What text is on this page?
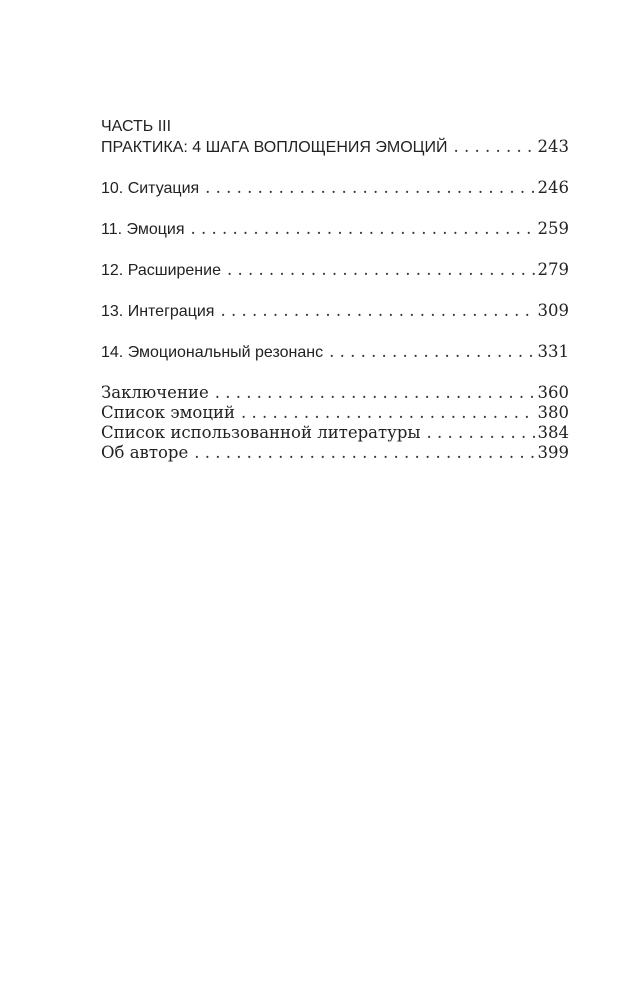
ЧАСТЬ III
ПРАКТИКА: 4 ШАГА ВОПЛОЩЕНИЯ ЭМОЦИЙ . . .	243
10. Ситуация . . .	246
11. Эмоция . . .	259
12. Расширение . . .	279
13. Интеграция . . .	309
14. Эмоциональный резонанс . . .	331
Заключение . . .	360
Список эмоций . . .	380
Список использованной литературы . . .	384
Об авторе . . .	399
